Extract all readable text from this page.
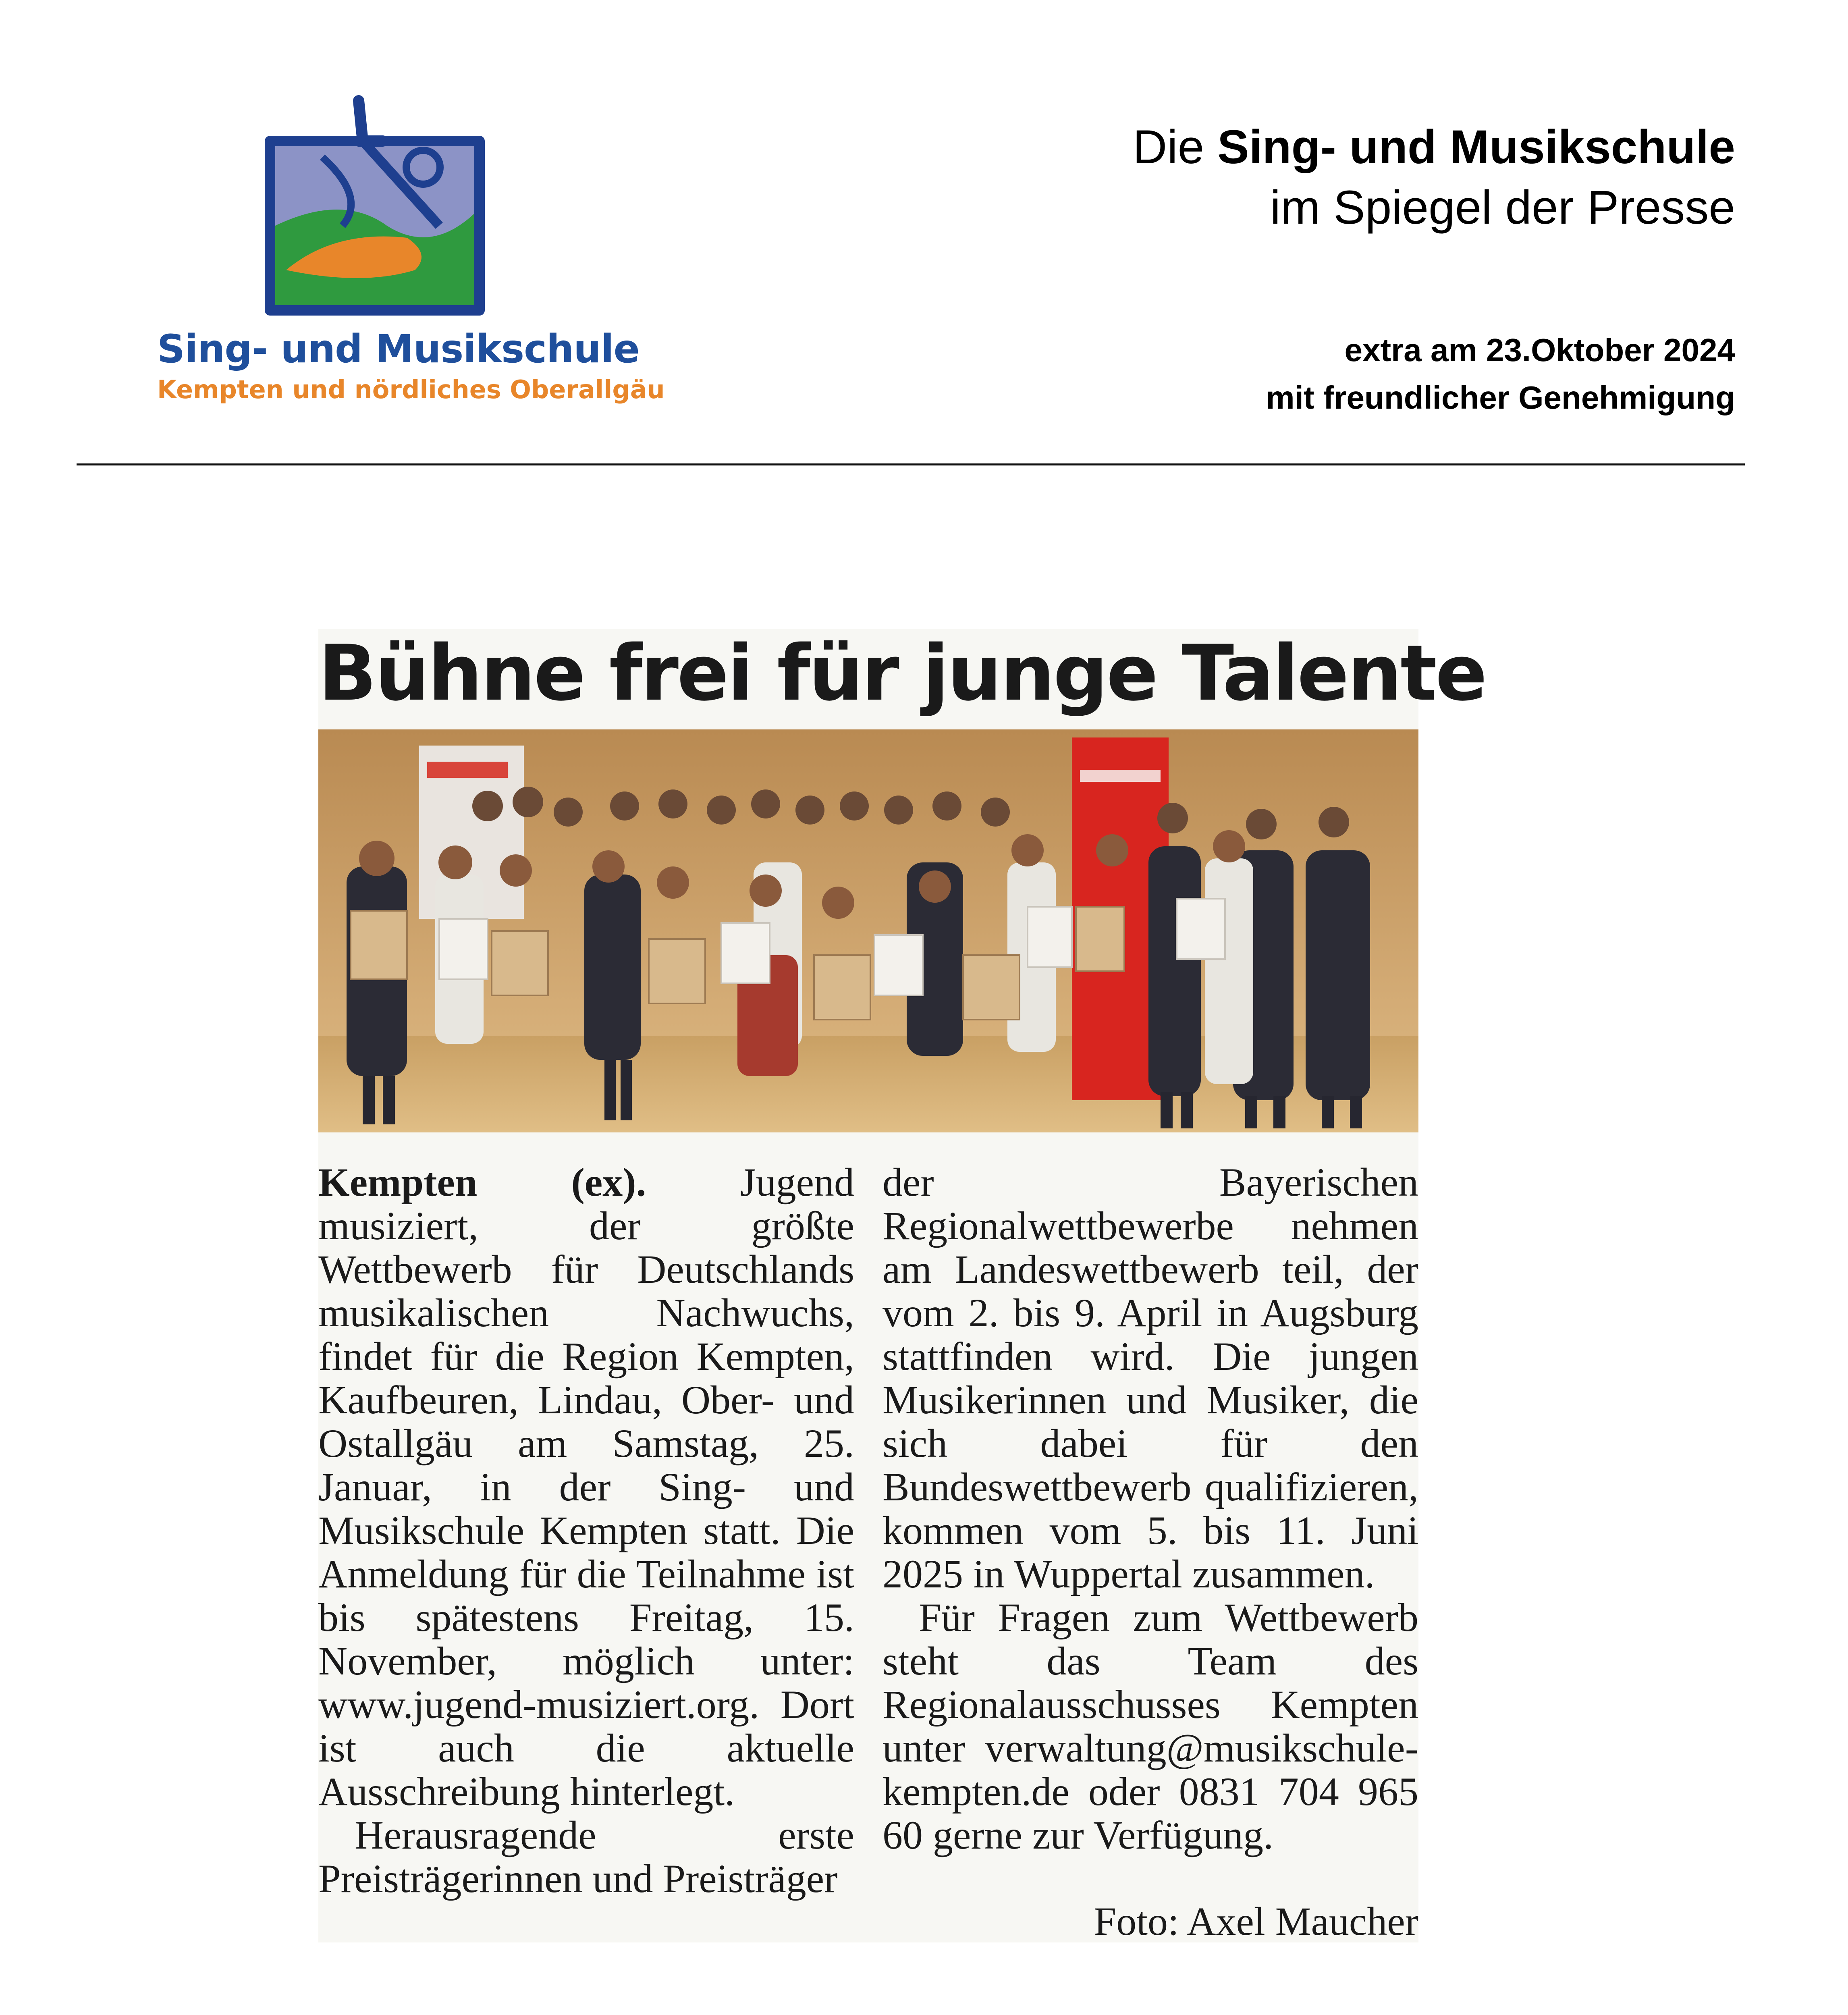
Sing- und Musikschule
Kempten und nördliches Oberallgäu
Die Sing- und Musikschule
im Spiegel der Presse
extra am 23.Oktober 2024
mit freundlicher Genehmigung
Bühne frei für junge Talente

Kempten (ex). Jugend musiziert, der größte Wettbewerb für Deutschlands musikalischen Nachwuchs, findet für die Region Kempten, Kaufbeuren, Lindau, Ober- und Ostallgäu am Samstag, 25. Januar, in der Sing- und Musikschule Kempten statt. Die Anmeldung für die Teilnahme ist bis spätestens Freitag, 15. November, möglich unter: www.jugend-musiziert.org. Dort ist auch die aktuelle Ausschreibung hinterlegt.

Herausragende erste Preisträgerinnen und Preisträger

der Bayerischen Regionalwettbewerbe nehmen am Landeswettbewerb teil, der vom 2. bis 9. April in Augsburg stattfinden wird. Die jungen Musikerinnen und Musiker, die sich dabei für den Bundeswettbewerb qualifizieren, kommen vom 5. bis 11. Juni 2025 in Wuppertal zusammen.

Für Fragen zum Wettbewerb steht das Team des Regionalausschusses Kempten unter verwaltung@musikschule-kempten.de oder 0831 704 965 60 gerne zur Verfügung.

Foto: Axel Maucher
